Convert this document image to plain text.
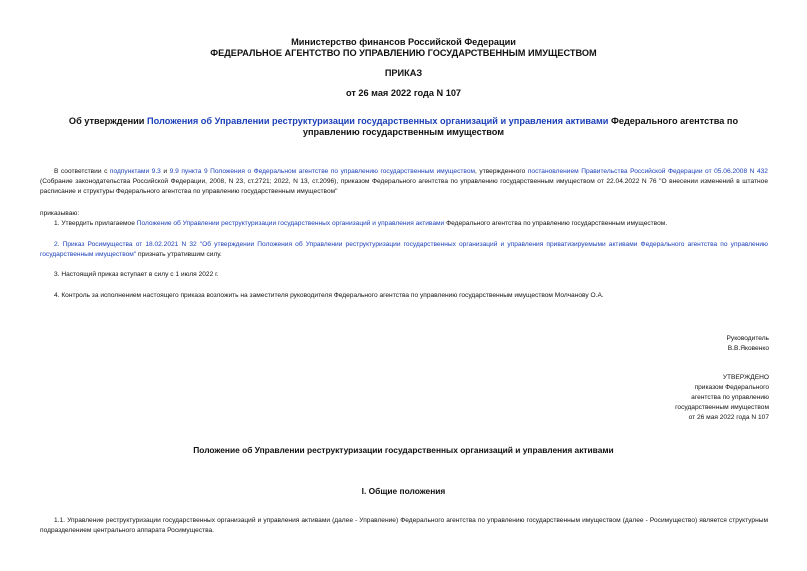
Министерство финансов Российской Федерации
ФЕДЕРАЛЬНОЕ АГЕНТСТВО ПО УПРАВЛЕНИЮ ГОСУДАРСТВЕННЫМ ИМУЩЕСТВОМ
ПРИКАЗ
от 26 мая 2022 года N 107
Об утверждении Положения об Управлении реструктуризации государственных организаций и управления активами Федерального агентства по управлению государственным имуществом
В соответствии с подпунктами 9.3 и 9.9 пункта 9 Положения о Федеральном агентстве по управлению государственным имуществом, утвержденного постановлением Правительства Российской Федерации от 05.06.2008 N 432 (Собрание законодательства Российской Федерации, 2008, N 23, ст.2721; 2022, N 13, ст.2096), приказом Федерального агентства по управлению государственным имуществом от 22.04.2022 N 76 "О внесении изменений в штатное расписание и структуры Федерального агентства по управлению государственным имуществом"
приказываю:
1. Утвердить прилагаемое Положение об Управлении реструктуризации государственных организаций и управления активами Федерального агентства по управлению государственным имуществом.
2. Приказ Росимущества от 18.02.2021 N 32 "Об утверждении Положения об Управлении реструктуризации государственных организаций и управления приватизируемыми активами Федерального агентства по управлению государственным имуществом" признать утратившим силу.
3. Настоящий приказ вступает в силу с 1 июля 2022 г.
4. Контроль за исполнением настоящего приказа возложить на заместителя руководителя Федерального агентства по управлению государственным имуществом Молчанову О.А.
Руководитель
В.В.Яковенко
УТВЕРЖДЕНО
приказом Федерального
агентства по управлению
государственным имуществом
от 26 мая 2022 года N 107
Положение об Управлении реструктуризации государственных организаций и управления активами
I. Общие положения
1.1. Управление реструктуризации государственных организаций и управления активами (далее - Управление) Федерального агентства по управлению государственным имуществом (далее - Росимущество) является структурным подразделением центрального аппарата Росимущества.
